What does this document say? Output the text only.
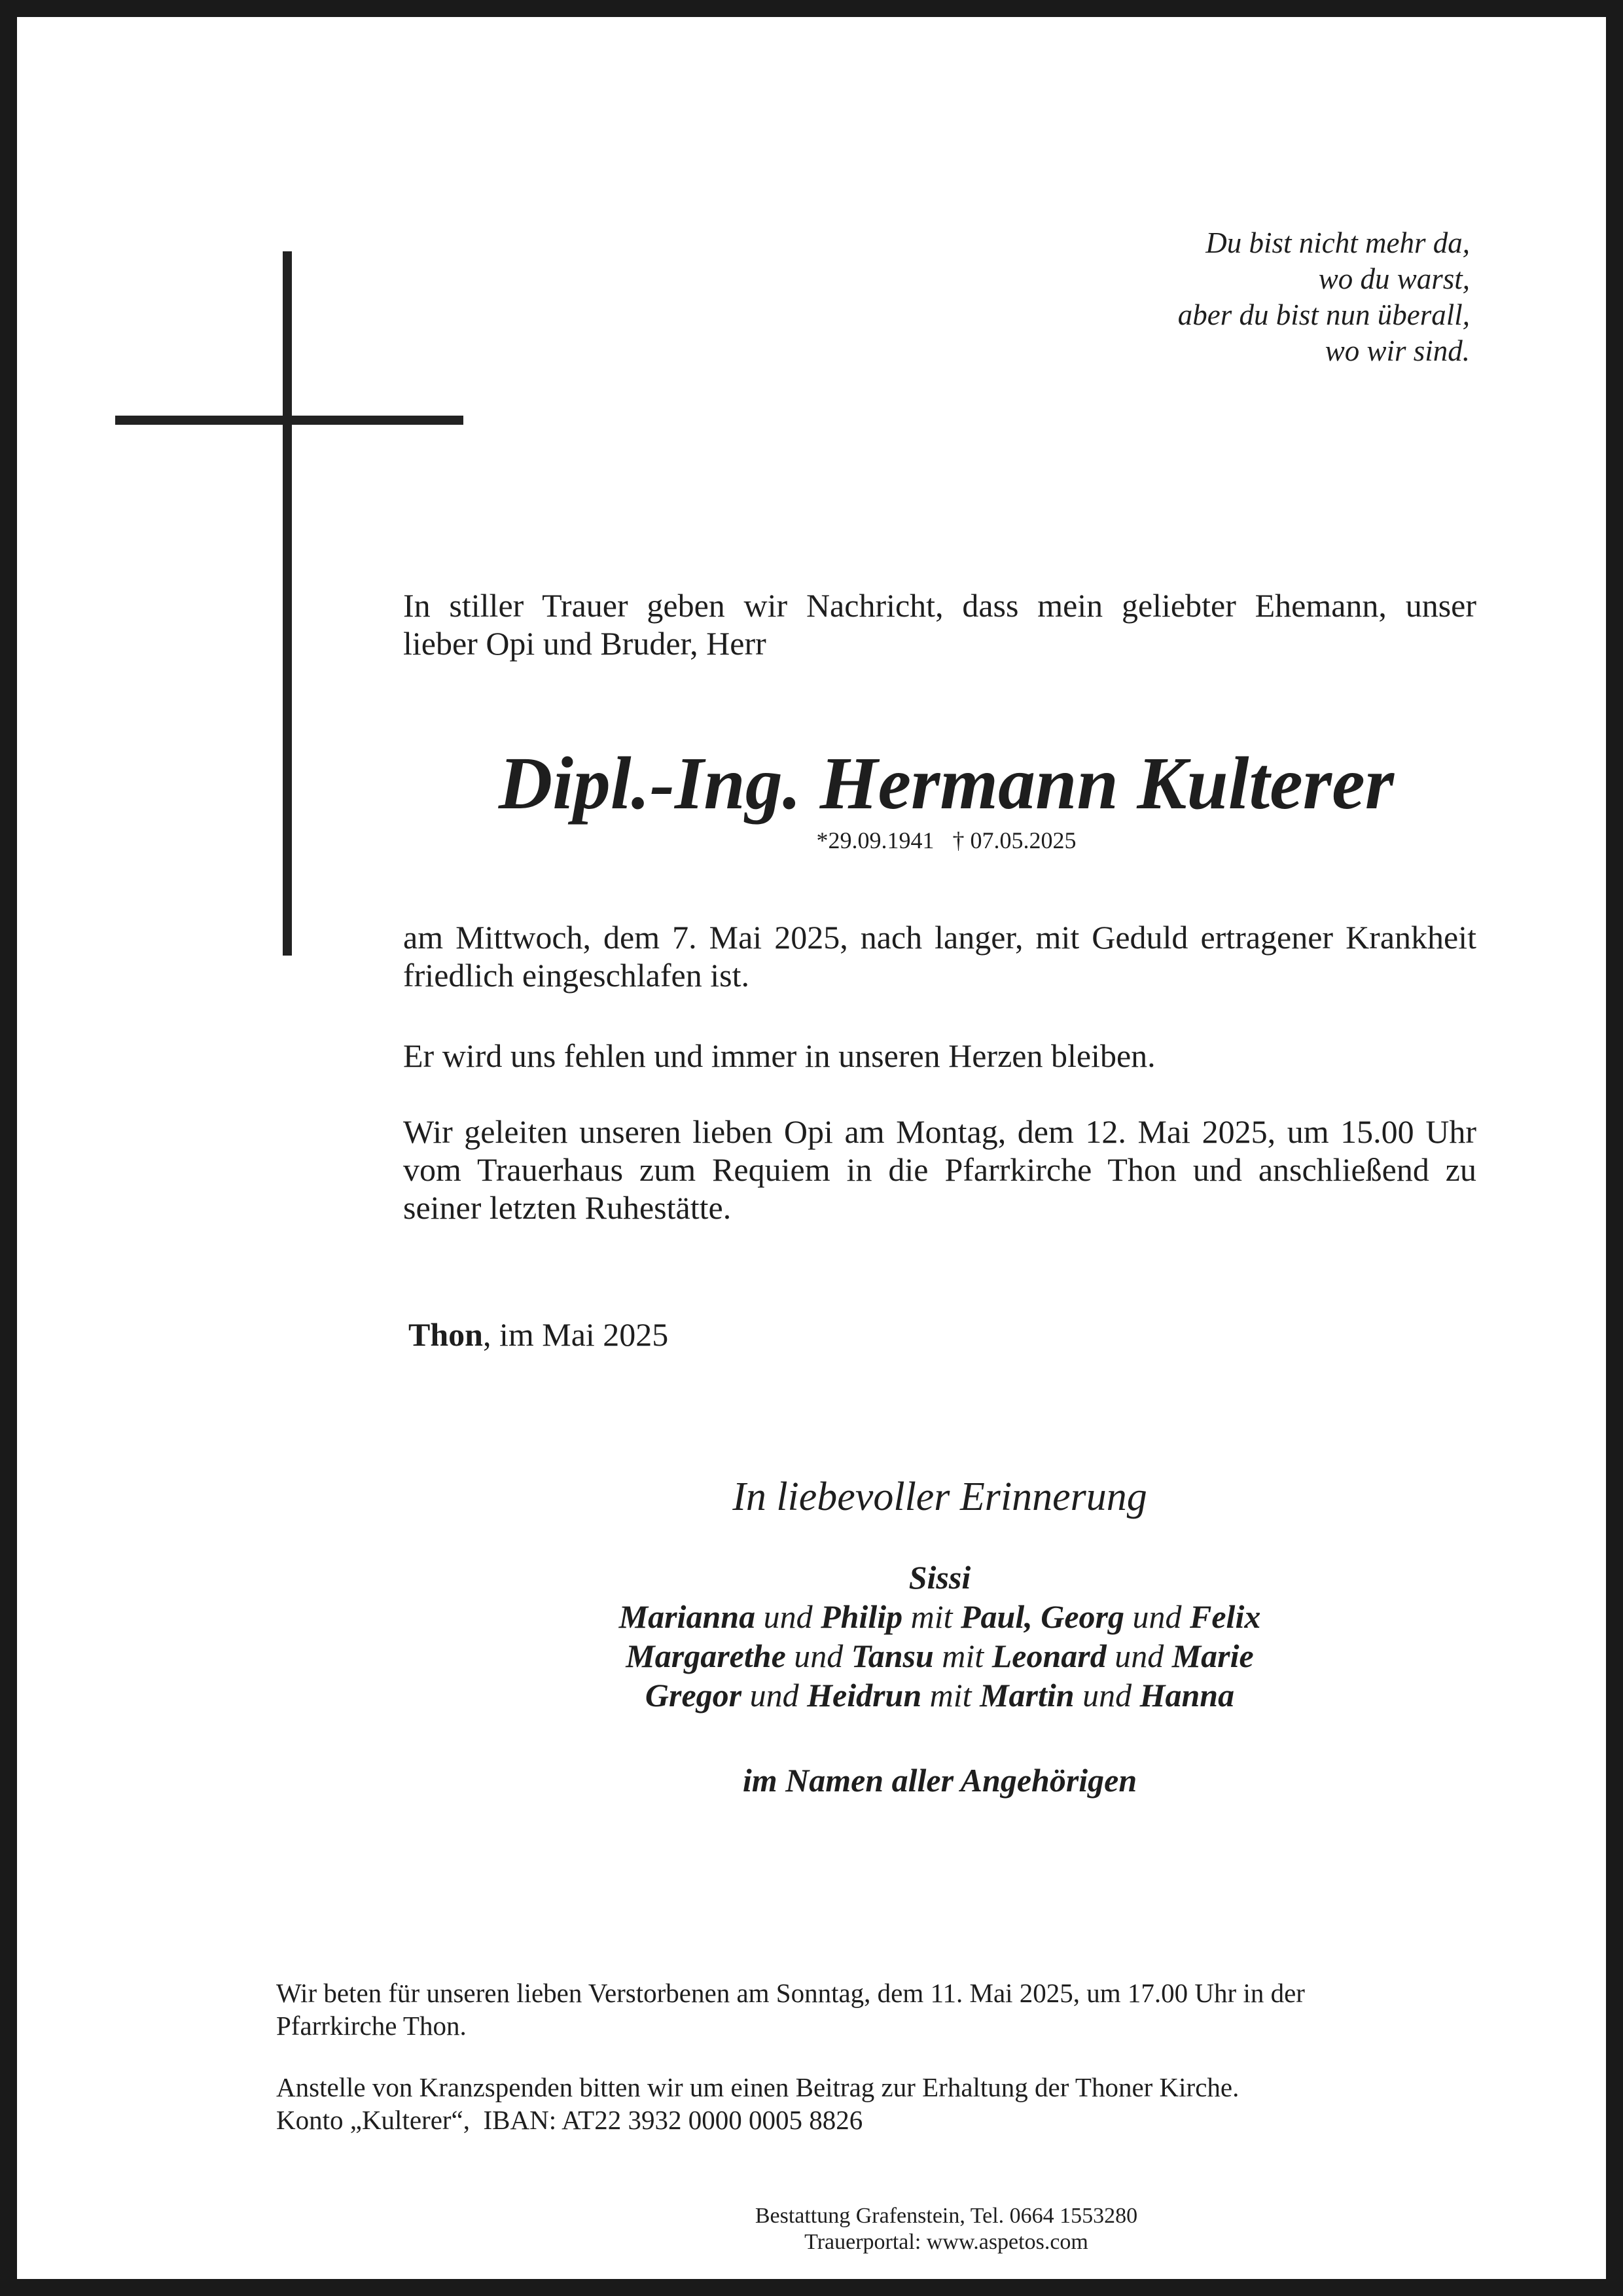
Du bist nicht mehr da,
wo du warst,
aber du bist nun überall,
wo wir sind.
In stiller Trauer geben wir Nachricht, dass mein geliebter Ehemann, unser
lieber Opi und Bruder, Herr
Dipl.-Ing. Hermann Kulterer
*29.09.1941 † 07.05.2025
am Mittwoch, dem 7. Mai 2025, nach langer, mit Geduld ertragener Krankheit
friedlich eingeschlafen ist.
Er wird uns fehlen und immer in unseren Herzen bleiben.
Wir geleiten unseren lieben Opi am Montag, dem 12. Mai 2025, um 15.00 Uhr
vom Trauerhaus zum Requiem in die Pfarrkirche Thon und anschließend zu
seiner letzten Ruhestätte.
Thon, im Mai 2025
In liebevoller Erinnerung
Sissi
Marianna und Philip mit Paul, Georg und Felix
Margarethe und Tansu mit Leonard und Marie
Gregor und Heidrun mit Martin und Hanna
im Namen aller Angehörigen
Wir beten für unseren lieben Verstorbenen am Sonntag, dem 11. Mai 2025, um 17.00 Uhr in der
Pfarrkirche Thon.
Anstelle von Kranzspenden bitten wir um einen Beitrag zur Erhaltung der Thoner Kirche.
Konto „Kulterer“,  IBAN: AT22 3932 0000 0005 8826
Bestattung Grafenstein, Tel. 0664 1553280
Trauerportal: www.aspetos.com
